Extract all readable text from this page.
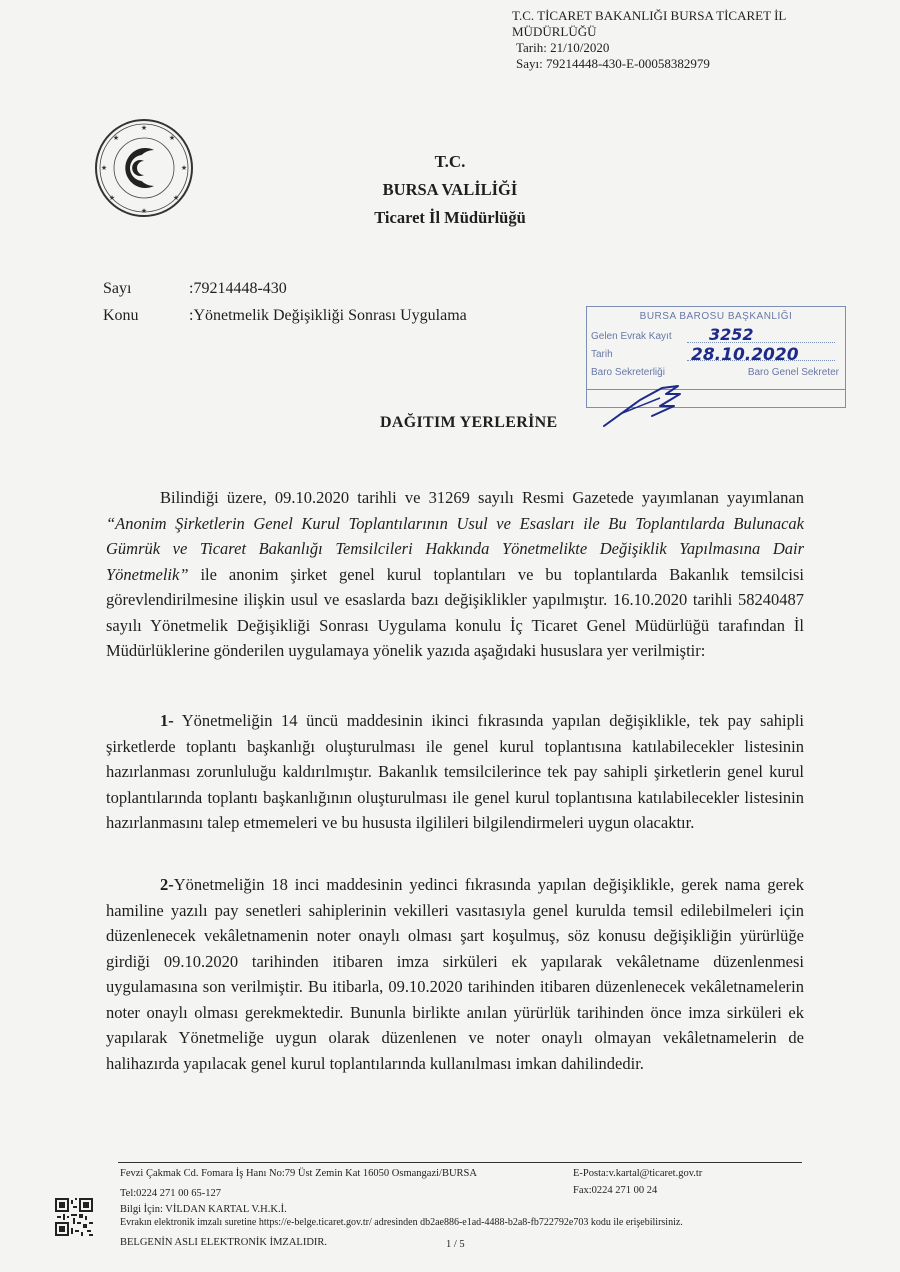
T.C. TİCARET BAKANLIĞI BURSA TİCARET İL
MÜDÜRLÜĞÜ
Tarih: 21/10/2020
Sayı: 79214448-430-E-00058382979
★
★	★
★	★
★	★
★
T.C.
BURSA VALİLİĞİ
Ticaret İl Müdürlüğü
Sayı	:79214448-430
Konu	:Yönetmelik Değişikliği Sonrası Uygulama	BURSA BAROSU BAŞKANLIĞI
Gelen Evrak Kayıt 3252
Tarih	28.10.2020
Baro Sekreterliği	Baro Genel Sekreter
DAĞITIM YERLERİNE

Bilindiği üzere, 09.10.2020 tarihli ve 31269 sayılı Resmi Gazetede yayımlanan yayımlanan “Anonim Şirketlerin Genel Kurul Toplantılarının Usul ve Esasları ile Bu Toplantılarda Bulunacak Gümrük ve Ticaret Bakanlığı Temsilcileri Hakkında Yönetmelikte Değişiklik Yapılmasına Dair Yönetmelik” ile anonim şirket genel kurul toplantıları ve bu toplantılarda Bakanlık temsilcisi görevlendirilmesine ilişkin usul ve esaslarda bazı değişiklikler yapılmıştır. 16.10.2020 tarihli 58240487 sayılı Yönetmelik Değişikliği Sonrası Uygulama konulu İç Ticaret Genel Müdürlüğü tarafından İl Müdürlüklerine gönderilen uygulamaya yönelik yazıda aşağıdaki hususlara yer verilmiştir:

1- Yönetmeliğin 14 üncü maddesinin ikinci fıkrasında yapılan değişiklikle, tek pay sahipli şirketlerde toplantı başkanlığı oluşturulması ile genel kurul toplantısına katılabilecekler listesinin hazırlanması zorunluluğu kaldırılmıştır. Bakanlık temsilcilerince tek pay sahipli şirketlerin genel kurul toplantılarında toplantı başkanlığının oluşturulması ile genel kurul toplantısına katılabilecekler listesinin hazırlanmasını talep etmemeleri ve bu hususta ilgilileri bilgilendirmeleri uygun olacaktır.

2-Yönetmeliğin 18 inci maddesinin yedinci fıkrasında yapılan değişiklikle, gerek nama gerek hamiline yazılı pay senetleri sahiplerinin vekilleri vasıtasıyla genel kurulda temsil edilebilmeleri için düzenlenecek vekâletnamenin noter onaylı olması şart koşulmuş, söz konusu değişikliğin yürürlüğe girdiği 09.10.2020 tarihinden itibaren imza sirküleri ek yapılarak vekâletname düzenlenmesi uygulamasına son verilmiştir. Bu itibarla, 09.10.2020 tarihinden itibaren düzenlenecek vekâletnamelerin noter onaylı olması gerekmektedir. Bununla birlikte anılan yürürlük tarihinden önce imza sirküleri ek yapılarak Yönetmeliğe uygun olarak düzenlenen ve noter onaylı olmayan vekâletnamelerin de halihazırda yapılacak genel kurul toplantılarında kullanılması imkan dahilindedir.

Fevzi Çakmak Cd. Fomara İş Hanı No:79 Üst Zemin Kat 16050 Osmangazi/BURSA	E-Posta:v.kartal@ticaret.gov.tr
Tel:0224 271 00 65-127	Fax:0224 271 00 24
Bilgi İçin: VİLDAN KARTAL V.H.K.İ.
Evrakın elektronik imzalı suretine https://e-belge.ticaret.gov.tr/ adresinden db2ae886-e1ad-4488-b2a8-fb722792e703 kodu ile erişebilirsiniz.
BELGENİN ASLI ELEKTRONİK İMZALIDIR.	1 / 5
